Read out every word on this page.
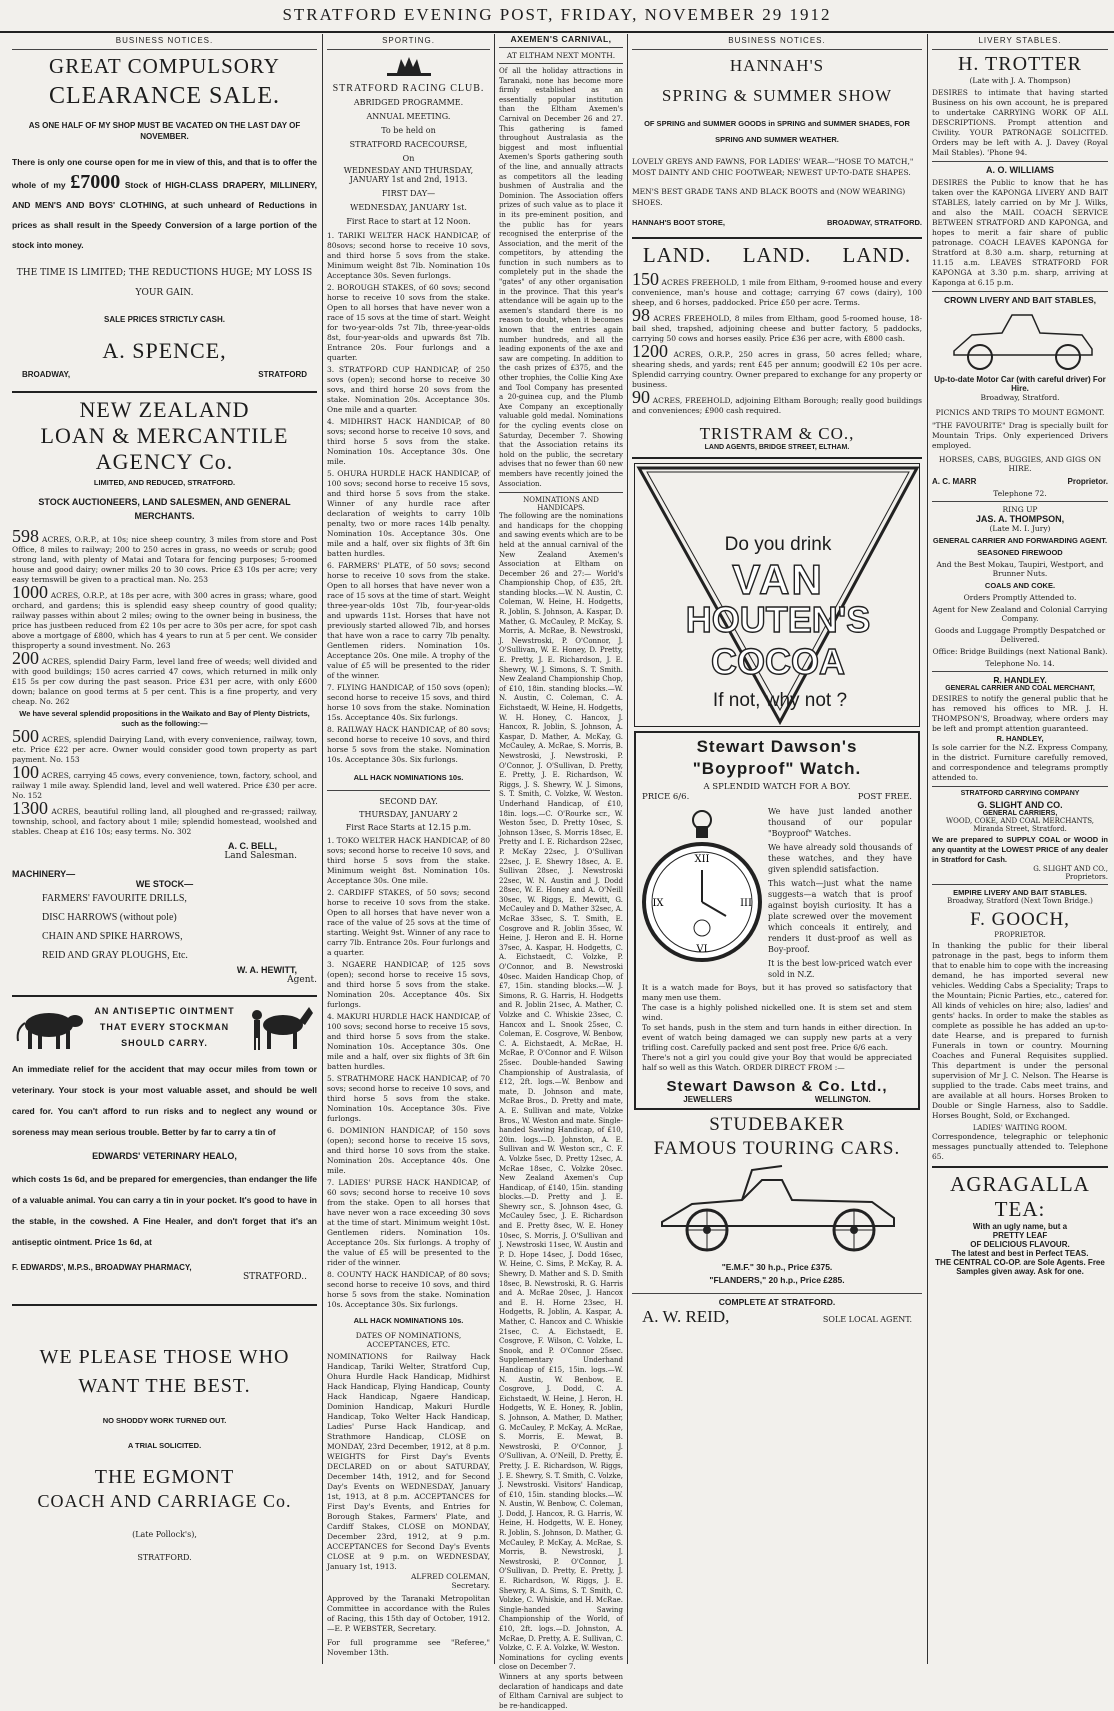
STRATFORD EVENING POST, FRIDAY, NOVEMBER 29 1912
BUSINESS NOTICES.
GREAT COMPULSORY
CLEARANCE SALE.

AS ONE HALF OF MY SHOP MUST BE VACATED ON THE LAST DAY OF NOVEMBER.

There is only one course open for me in view of this, and that is to offer the whole of my £7000 Stock of HIGH-CLASS DRAPERY, MILLINERY, AND MEN'S AND BOYS' CLOTHING, at such unheard of Reductions in prices as shall result in the Speedy Conversion of a large portion of the stock into money.

THE TIME IS LIMITED; THE REDUCTIONS HUGE; MY LOSS IS YOUR GAIN.

SALE PRICES STRICTLY CASH.

A. SPENCE,
BROADWAY,	STRATFORD
NEW ZEALAND
LOAN & MERCANTILE
AGENCY Co.

LIMITED, AND REDUCED, STRATFORD.

STOCK AUCTIONEERS, LAND SALESMEN, AND GENERAL MERCHANTS.

598 ACRES, O.R.P., at 10s; nice sheep country, 3 miles from store and Post Office, 8 miles to railway; 200 to 250 acres in grass, no weeds or scrub; good strong land, with plenty of Matai and Totara for fencing purposes; 5-roomed house and good dairy; owner milks 20 to 30 cows. Price £3 10s per acre; very easy termswill be given to a practical man. No. 253

1000 ACRES, O.R.P., at 18s per acre, with 300 acres in grass; whare, good orchard, and gardens; this is splendid easy sheep country of good quality; railway passes within about 2 miles; owing to the owner being in business, the price has justbeen reduced from £2 10s per acre to 30s per acre, for spot cash above a mortgage of £800, which has 4 years to run at 5 per cent. We consider thisproperty a sound investment. No. 263

200 ACRES, splendid Dairy Farm, level land free of weeds; well divided and with good buildings; 150 acres carried 47 cows, which returned in milk only £15 5s per cow during the past season. Price £31 per acre, with only £600 down; balance on good terms at 5 per cent. This is a fine property, and very cheap. No. 262

We have several splendid propositions in the Waikato and Bay of Plenty Districts, such as the following:—

500 ACRES, splendid Dairying Land, with every convenience, railway, town, etc. Price £22 per acre. Owner would consider good town property as part payment. No. 153

100 ACRES, carrying 45 cows, every convenience, town, factory, school, and railway 1 mile away. Splendid land, level and well watered. Price £30 per acre. No. 152

1300 ACRES, beautiful rolling land, all ploughed and re-grassed; railway, township, school, and factory about 1 mile; splendid homestead, woolshed and stables. Cheap at £16 10s; easy terms. No. 302

A. C. BELL,
Land Salesman.
MACHINERY—
WE STOCK—
FARMERS' FAVOURITE DRILLS,
DISC HARROWS (without pole)
CHAIN AND SPIKE HARROWS,
REID AND GRAY PLOUGHS, Etc.
W. A. HEWITT,
Agent.
AN ANTISEPTIC OINTMENT
THAT EVERY STOCKMAN
SHOULD CARRY.

An immediate relief for the accident that may occur miles from town or veterinary. Your stock is your most valuable asset, and should be well cared for. You can't afford to run risks and to neglect any wound or soreness may mean serious trouble. Better by far to carry a tin of

EDWARDS' VETERINARY HEALO,

which costs 1s 6d, and be prepared for emergencies, than endanger the life of a valuable animal. You can carry a tin in your pocket. It's good to have in the stable, in the cowshed. A Fine Healer, and don't forget that it's an antiseptic ointment. Price 1s 6d, at

F. EDWARDS', M.P.S., BROADWAY PHARMACY,

STRATFORD..

WE PLEASE THOSE WHO
WANT THE BEST.

NO SHODDY WORK TURNED OUT.

A TRIAL SOLICITED.

THE EGMONT
COACH AND CARRIAGE Co.

(Late Pollock's),

STRATFORD.

SPORTING.
STRATFORD RACING CLUB.

ABRIDGED PROGRAMME.

ANNUAL MEETING.

To be held on

STRATFORD RACECOURSE,

On

WEDNESDAY AND THURSDAY, JANUARY 1st and 2nd, 1913.

FIRST DAY—

WEDNESDAY, JANUARY 1st.

First Race to start at 12 Noon.

1. TARIKI WELTER HACK HANDICAP, of 80sovs; second horse to receive 10 sovs, and third horse 5 sovs from the stake. Minimum weight 8st 7lb. Nomination 10s Acceptance 30s. Seven furlongs.

2. BOROUGH STAKES, of 60 sovs; second horse to receive 10 sovs from the stake. Open to all horses that have never won a race of 15 sovs at the time of start. Weight for two-year-olds 7st 7lb, three-year-olds 8st, four-year-olds and upwards 8st 7lb. Entrance 20s. Four furlongs and a quarter.

3. STRATFORD CUP HANDICAP, of 250 sovs (open); second horse to receive 30 sovs, and third horse 20 sovs from the stake. Nomination 20s. Acceptance 30s. One mile and a quarter.

4. MIDHIRST HACK HANDICAP, of 80 sovs; second horse to receive 10 sovs, and third horse 5 sovs from the stake. Nomination 10s. Acceptance 30s. One mile.

5. OHURA HURDLE HACK HANDICAP, of 100 sovs; second horse to receive 15 sovs, and third horse 5 sovs from the stake. Winner of any hurdle race after declaration of weights to carry 10lb penalty, two or more races 14lb penalty. Nomination 10s. Acceptance 30s. One mile and a half, over six flights of 3ft 6in batten hurdles.

6. FARMERS' PLATE, of 50 sovs; second horse to receive 10 sovs from the stake. Open to all horses that have never won a race of 15 sovs at the time of start. Weight three-year-olds 10st 7lb, four-year-olds and upwards 11st. Horses that have not previously started allowed 7lb, and horses that have won a race to carry 7lb penalty. Gentlemen riders. Nomination 10s. Acceptance 20s. One mile. A trophy of the value of £5 will be presented to the rider of the winner.

7. FLYING HANDICAP, of 150 sovs (open); second horse to receive 15 sovs, and third horse 10 sovs from the stake. Nomination 15s. Acceptance 40s. Six furlongs.

8. RAILWAY HACK HANDICAP, of 80 sovs; second horse to receive 10 sovs, and third horse 5 sovs from the stake. Nomination 10s. Acceptance 30s. Six furlongs.

ALL HACK NOMINATIONS 10s.

SECOND DAY.

THURSDAY, JANUARY 2

First Race Starts at 12.15 p.m.

1. TOKO WELTER HACK HANDICAP, of 80 sovs; second horse to receive 10 sovs, and third horse 5 sovs from the stake. Minimum weight 8st. Nomination 10s. Acceptance 30s. One mile.

2. CARDIFF STAKES, of 50 sovs; second horse to receive 10 sovs from the stake. Open to all horses that have never won a race of the value of 25 sovs at the time of starting. Weight 9st. Winner of any race to carry 7lb. Entrance 20s. Four furlongs and a quarter.

3. NGAERE HANDICAP, of 125 sovs (open); second horse to receive 15 sovs, and third horse 5 sovs from the stake. Nomination 20s. Acceptance 40s. Six furlongs.

4. MAKURI HURDLE HACK HANDICAP, of 100 sovs; second horse to receive 15 sovs, and third horse 5 sovs from the stake. Nomination 10s. Acceptance 30s. One mile and a half, over six flights of 3ft 6in batten hurdles.

5. STRATHMORE HACK HANDICAP, of 70 sovs; second horse to receive 10 sovs, and third horse 5 sovs from the stake. Nomination 10s. Acceptance 30s. Five furlongs.

6. DOMINION HANDICAP, of 150 sovs (open); second horse to receive 15 sovs, and third horse 10 sovs from the stake. Nomination 20s. Acceptance 40s. One mile.

7. LADIES' PURSE HACK HANDICAP, of 60 sovs; second horse to receive 10 sovs from the stake. Open to all horses that have never won a race exceeding 30 sovs at the time of start. Minimum weight 10st. Gentlemen riders. Nomination 10s. Acceptance 20s. Six furlongs. A trophy of the value of £5 will be presented to the rider of the winner.

8. COUNTY HACK HANDICAP, of 80 sovs; second horse to receive 10 sovs, and third horse 5 sovs from the stake. Nomination 10s. Acceptance 30s. Six furlongs.

ALL HACK NOMINATIONS 10s.

DATES OF NOMINATIONS, ACCEPTANCES, ETC.

NOMINATIONS for Railway Hack Handicap, Tariki Welter, Stratford Cup, Ohura Hurdle Hack Handicap, Midhirst Hack Handicap, Flying Handicap, County Hack Handicap, Ngaere Handicap, Dominion Handicap, Makuri Hurdle Handicap, Toko Welter Hack Handicap, Ladies' Purse Hack Handicap, and Strathmore Handicap, CLOSE on MONDAY, 23rd December, 1912, at 8 p.m. WEIGHTS for First Day's Events DECLARED on or about SATURDAY, December 14th, 1912, and for Second Day's Events on WEDNESDAY, January 1st, 1913, at 8 p.m. ACCEPTANCES for First Day's Events, and Entries for Borough Stakes, Farmers' Plate, and Cardiff Stakes, CLOSE on MONDAY, December 23rd, 1912, at 9 p.m. ACCEPTANCES for Second Day's Events CLOSE at 9 p.m. on WEDNESDAY, January 1st, 1913.

ALFRED COLEMAN,

Secretary.

Approved by the Taranaki Metropolitan Committee in accordance with the Rules of Racing, this 15th day of October, 1912.—E. P. WEBSTER, Secretary.

For full programme see "Referee," November 13th.

AXEMEN'S CARNIVAL,

AT ELTHAM NEXT MONTH.

Of all the holiday attractions in Taranaki, none has become more firmly established as an essentially popular institution than the Eltham Axemen's Carnival on December 26 and 27. This gathering is famed throughout Australasia as the biggest and most influential Axemen's Sports gathering south of the line, and annually attracts as competitors all the leading bushmen of Australia and the Dominion. The Association offers prizes of such value as to place it in its pre-eminent position, and the public has for years recognised the enterprise of the Association, and the merit of the competitors, by attending the function in such numbers as to completely put in the shade the "gates" of any other organisation in the province. That this year's attendance will be again up to the axemen's standard there is no reason to doubt, when it becomes known that the entries again number hundreds, and all the leading exponents of the axe and saw are competing. In addition to the cash prizes of £375, and the other trophies, the Collie King Axe and Tool Company has presented a 20-guinea cup, and the Plumb Axe Company an exceptionally valuable gold medal. Nominations for the cycling events close on Saturday, December 7. Showing that the Association retains its hold on the public, the secretary advises that no fewer than 60 new members have recently joined the Association.

NOMINATIONS AND HANDICAPS.

The following are the nominations and handicaps for the chopping and sawing events which are to be held at the annual carnival of the New Zealand Axemen's Association at Eltham on December 26 and 27:— World's Championship Chop, of £35, 2ft. standing blocks.—W. N. Austin, C. Coleman, W. Heine, H. Hodgetts, R. Joblin, S. Johnson, A. Kaspar, D. Mather, G. McCauley, P. McKay, S. Morris, A. McRae, B. Newstroski, J. Newstroski, P. O'Connor, J. O'Sullivan, W. E. Honey, D. Pretty, E. Pretty, J. E. Richardson, J. E. Shewry, W. J. Simons, S. T. Smith. New Zealand Championship Chop, of £10, 18in. standing blocks.—W. N. Austin, C. Coleman, C. A. Eichstaedt, W. Heine, H. Hodgetts, W. H. Honey, C. Hancox, J. Hancox, R. Joblin, S. Johnson, A. Kaspar, D. Mather, A. McKay, G. McCauley, A. McRae, S. Morris, B. Newstroski, J. Newstroski, P. O'Connor, J. O'Sullivan, D. Pretty, E. Pretty, J. E. Richardson, W. Riggs, J. S. Shewry, W. J. Simons, S. T. Smith, C. Volzke, W. Weston. Underhand Handicap, of £10, 18in. logs.—C. O'Rourke scr., W. Weston 5sec, D. Pretty 10sec, S. Johnson 13sec, S. Morris 18sec, E. Pretty and I. E. Richardson 22sec, P. McKay 22sec, J. O'Sullivan 22sec, J. E. Shewry 18sec, A. E. Sullivan 28sec, J. Newstroski 22sec, W. N. Austin and J. Dodd 28sec, W. E. Honey and A. O'Neill 30sec, W. Riggs, E. Mewitt, G. McCauley and D. Mather 32sec, A. McRae 33sec, S. T. Smith, E. Cosgrove and R. Joblin 35sec, W. Heine, J. Heron and E. H. Horne 37sec, A. Kaspar, H. Hodgetts, C. A. Eichstaedt, C. Volzke, P. O'Connor, and B. Newstroski 40sec. Maiden Handicap Chop, of £7, 15in. standing blocks.—W. J. Simons, R. G. Harris, H. Hodgetts and R. Joblin 21sec, A. Mather, C. Volzke and C. Whiskie 23sec, C. Hancox and L. Snook 25sec, C. Coleman, E. Cosgrove, W. Benbow, C. A. Eichstaedt, A. McRae, H. McRae, P. O'Connor and F. Wilson 25sec. Double-handed Sawing Championship of Australasia, of £12, 2ft. logs.—W. Benbow and mate, D. Johnson and mate, McRae Bros., D. Pretty and mate, A. E. Sullivan and mate, Volzke Bros., W. Weston and mate. Single-handed Sawing Handicap, of £10, 20in. logs.—D. Johnston, A. E. Sullivan and W. Weston scr., C. F. A. Volzke 5sec, D. Pretty 12sec, A. McRae 18sec, C. Volzke 20sec. New Zealand Axemen's Cup Handicap, of £140, 15in. standing blocks.—D. Pretty and J. E. Shewry scr., S. Johnson 4sec, G. McCauley 5sec, J. E. Richardson and E. Pretty 8sec, W. E. Honey 10sec, S. Morris, J. O'Sullivan and J. Newstroski 11sec, W. Austin and P. D. Hope 14sec, J. Dodd 16sec, W. Heine, C. Sims, P. McKay, R. A. Shewry, D. Mather and S. D. Smith 18sec, B. Newstroski, R. G. Harris and A. McRae 20sec, J. Hancox and E. H. Horne 23sec, H. Hodgetts, R. Joblin, A. Kaspar, A. Mather, C. Hancox and C. Whiskie 21sec, C. A. Eichstaedt, E. Cosgrove, F. Wilson, C. Volzke, L. Snook, and P. O'Connor 25sec. Supplementary Underhand Handicap of £15, 15in. logs.—W. N. Austin, W. Benbow, E. Cosgrove, J. Dodd, C. A. Eichstaedt, W. Heine, J. Heron, H. Hodgetts, W. E. Honey, R. Joblin, S. Johnson, A. Mather, D. Mather, G. McCauley, P. McKay, A. McRae, S. Morris, E. Mewat, B. Newstroski, P. O'Connor, J. O'Sullivan, A. O'Neill, D. Pretty, E. Pretty, J. E. Richardson, W. Riggs, J. E. Shewry, S. T. Smith, C. Volzke, J. Newstroski. Visitors' Handicap, of £10, 15in. standing blocks.—W. N. Austin, W. Benbow, C. Coleman, J. Dodd, J. Hancox, R. G. Harris, W. Heine, H. Hodgetts, W. E. Honey, R. Joblin, S. Johnson, D. Mather, G. McCauley, P. McKay, A. McRae, S. Morris, B. Newstroski, J. Newstroski, P. O'Connor, J. O'Sullivan, D. Pretty, E. Pretty, J. E. Richardson, W. Riggs, J. E. Shewry, R. A. Sims, S. T. Smith, C. Volzke, C. Whiskie, and H. McRae. Single-handed Sawing Championship of the World, of £10, 2ft. logs.—D. Johnston, A. McRae, D. Pretty, A. E. Sullivan, C. Volzke, C. F. A. Volzke, W. Weston.

Nominations for cycling events close on December 7.

Winners at any sports between declaration of handicaps and date of Eltham Carnival are subject to be re-handicapped.

BUSINESS NOTICES.
HANNAH'S
SPRING & SUMMER SHOW

OF SPRING and SUMMER GOODS in SPRING and SUMMER SHADES, FOR SPRING AND SUMMER WEATHER.

LOVELY GREYS AND FAWNS, FOR LADIES' WEAR—"HOSE TO MATCH," MOST DAINTY AND CHIC FOOTWEAR; NEWEST UP-TO-DATE SHAPES.

MEN'S BEST GRADE TANS AND BLACK BOOTS and (NOW WEARING) SHOES.

HANNAH'S BOOT STORE,	BROADWAY, STRATFORD.
LAND.     LAND.     LAND.

150 ACRES FREEHOLD, 1 mile from Eltham, 9-roomed house and every convenience, man's house and cottage; carrying 67 cows (dairy), 100 sheep, and 6 horses, paddocked. Price £50 per acre. Terms.

98 ACRES FREEHOLD, 8 miles from Eltham, good 5-roomed house, 18-bail shed, trapshed, adjoining cheese and butter factory, 5 paddocks, carrying 50 cows and horses easily. Price £36 per acre, with £800 cash.

1200 ACRES, O.R.P., 250 acres in grass, 50 acres felled; whare, shearing sheds, and yards; rent £45 per annum; goodwill £2 10s per acre. Splendid carrying country. Owner prepared to exchange for any property or business.

90 ACRES, FREEHOLD, adjoining Eltham Borough; really good buildings and conveniences; £900 cash required.

TRISTRAM & CO.,

LAND AGENTS, BRIDGE STREET, ELTHAM.

Do you drink
VAN
HOUTEN'S
COCOA
If not, why not ?
Stewart Dawson's
"Boyproof" Watch.

A SPLENDID WATCH FOR A BOY.

PRICE 6/6.	POST FREE.
XII
III
VI
IX

We have just landed another thousand of our popular "Boyproof" Watches.

We have already sold thousands of these watches, and they have given splendid satisfaction.

This watch—just what the name suggests—a watch that is proof against boyish curiosity. It has a plate screwed over the movement which conceals it entirely, and renders it dust-proof as well as Boy-proof.

It is the best low-priced watch ever sold in N.Z.

It is a watch made for Boys, but it has proved so satisfactory that many men use them.

The case is a highly polished nickelled one. It is stem set and stem wind.

To set hands, push in the stem and turn hands in either direction. In event of watch being damaged we can supply new parts at a very trifling cost. Carefully packed and sent post free. Price 6/6 each.

There's not a girl you could give your Boy that would be appreciated half so well as this Watch. ORDER DIRECT FROM :—

Stewart Dawson & Co. Ltd.,
JEWELLERS	WELLINGTON.
STUDEBAKER
FAMOUS TOURING CARS.

"E.M.F." 30 h.p., Price £375.

"FLANDERS," 20 h.p., Price £285.

COMPLETE AT STRATFORD.

A. W. REID,	SOLE LOCAL AGENT.
LIVERY STABLES.
H. TROTTER

(Late with J. A. Thompson)

DESIRES to intimate that having started Business on his own account, he is prepared to undertake CARRYING WORK OF ALL DESCRIPTIONS. Prompt attention and Civility. YOUR PATRONAGE SOLICITED. Orders may be left with A. J. Davey (Royal Mail Stables). 'Phone 94.

A. O. WILLIAMS

DESIRES the Public to know that he has taken over the KAPONGA LIVERY AND BAIT STABLES, lately carried on by Mr J. Wilks, and also the MAIL COACH SERVICE BETWEEN STRATFORD AND KAPONGA, and hopes to merit a fair share of public patronage. COACH LEAVES KAPONGA for Stratford at 8.30 a.m. sharp, returning at 11.15 a.m. LEAVES STRATFORD FOR KAPONGA at 3.30 p.m. sharp, arriving at Kaponga at 6.15 p.m.

CROWN LIVERY AND BAIT STABLES,

Up-to-date Motor Car (with careful driver) For Hire.

Broadway, Stratford.

PICNICS AND TRIPS TO MOUNT EGMONT.

"THE FAVOURITE" Drag is specially built for Mountain Trips. Only experienced Drivers employed.

HORSES, CABS, BUGGIES, AND GIGS ON HIRE.

A. C. MARR	Proprietor.

Telephone 72.

RING UP

JAS. A. THOMPSON,

(Late M. I. Jury)

GENERAL CARRIER AND FORWARDING AGENT.

SEASONED FIREWOOD

And the Best Mokau, Taupiri, Westport, and Brunner Nuts.

COALS AND COKE.

Orders Promptly Attended to.

Agent for New Zealand and Colonial Carrying Company.

Goods and Luggage Promptly Despatched or Delivered.

Office: Bridge Buildings (next National Bank).

Telephone No. 14.

R. HANDLEY.

GENERAL CARRIER AND COAL MERCHANT,

DESIRES to notify the general public that he has removed his offices to MR. J. H. THOMPSON'S, Broadway, where orders may be left and prompt attention guaranteed.

R. HANDLEY,

Is sole carrier for the N.Z. Express Company, in the district. Furniture carefully removed, and correspondence and telegrams promptly attended to.

STRATFORD CARRYING COMPANY

G. SLIGHT AND CO.

GENERAL CARRIERS,

WOOD, COKE, AND COAL MERCHANTS,

Miranda Street, Stratford.

We are prepared to SUPPLY COAL or WOOD in any quantity at the LOWEST PRICE of any dealer in Stratford for Cash.

G. SLIGHT AND CO.,

Proprietors.

EMPIRE LIVERY AND BAIT STABLES.

Broadway, Stratford (Next Town Bridge.)

F. GOOCH,

PROPRIETOR.

In thanking the public for their liberal patronage in the past, begs to inform them that to enable him to cope with the increasing demand, he has imported several new vehicles. Wedding Cabs a Speciality; Traps to the Mountain; Picnic Parties, etc., catered for. All kinds of vehicles on hire; also, ladies' and gents' hacks. In order to make the stables as complete as possible he has added an up-to-date Hearse, and is prepared to furnish Funerals in town or country. Mourning Coaches and Funeral Requisites supplied. This department is under the personal supervision of Mr J. C. Nelson. The Hearse is supplied to the trade. Cabs meet trains, and are available at all hours. Horses Broken to Double or Single Harness, also to Saddle. Horses Bought, Sold, or Exchanged.

LADIES' WAITING ROOM.

Correspondence, telegraphic or telephonic messages punctually attended to. Telephone 65.

AGRAGALLA
TEA:

With an ugly name, but a

PRETTY LEAF

OF DELICIOUS FLAVOUR.

The latest and best in Perfect TEAS.

THE CENTRAL CO-OP. are Sole Agents. Free Samples given away. Ask for one.
